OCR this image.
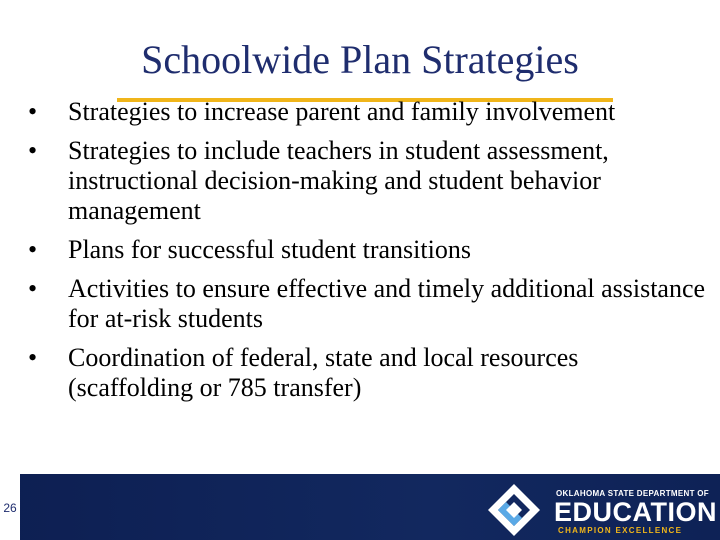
Schoolwide Plan Strategies
•	Strategies to increase parent and family involvement
•	Strategies to include teachers in student assessment, instructional decision-making and student behavior management
•	Plans for successful student transitions
•	Activities to ensure effective and timely additional assistance for at-risk students
•	Coordination of federal, state and local resources (scaffolding or 785 transfer)
26
OKLAHOMA STATE DEPARTMENT OF
EDUCATION
CHAMPION EXCELLENCE
